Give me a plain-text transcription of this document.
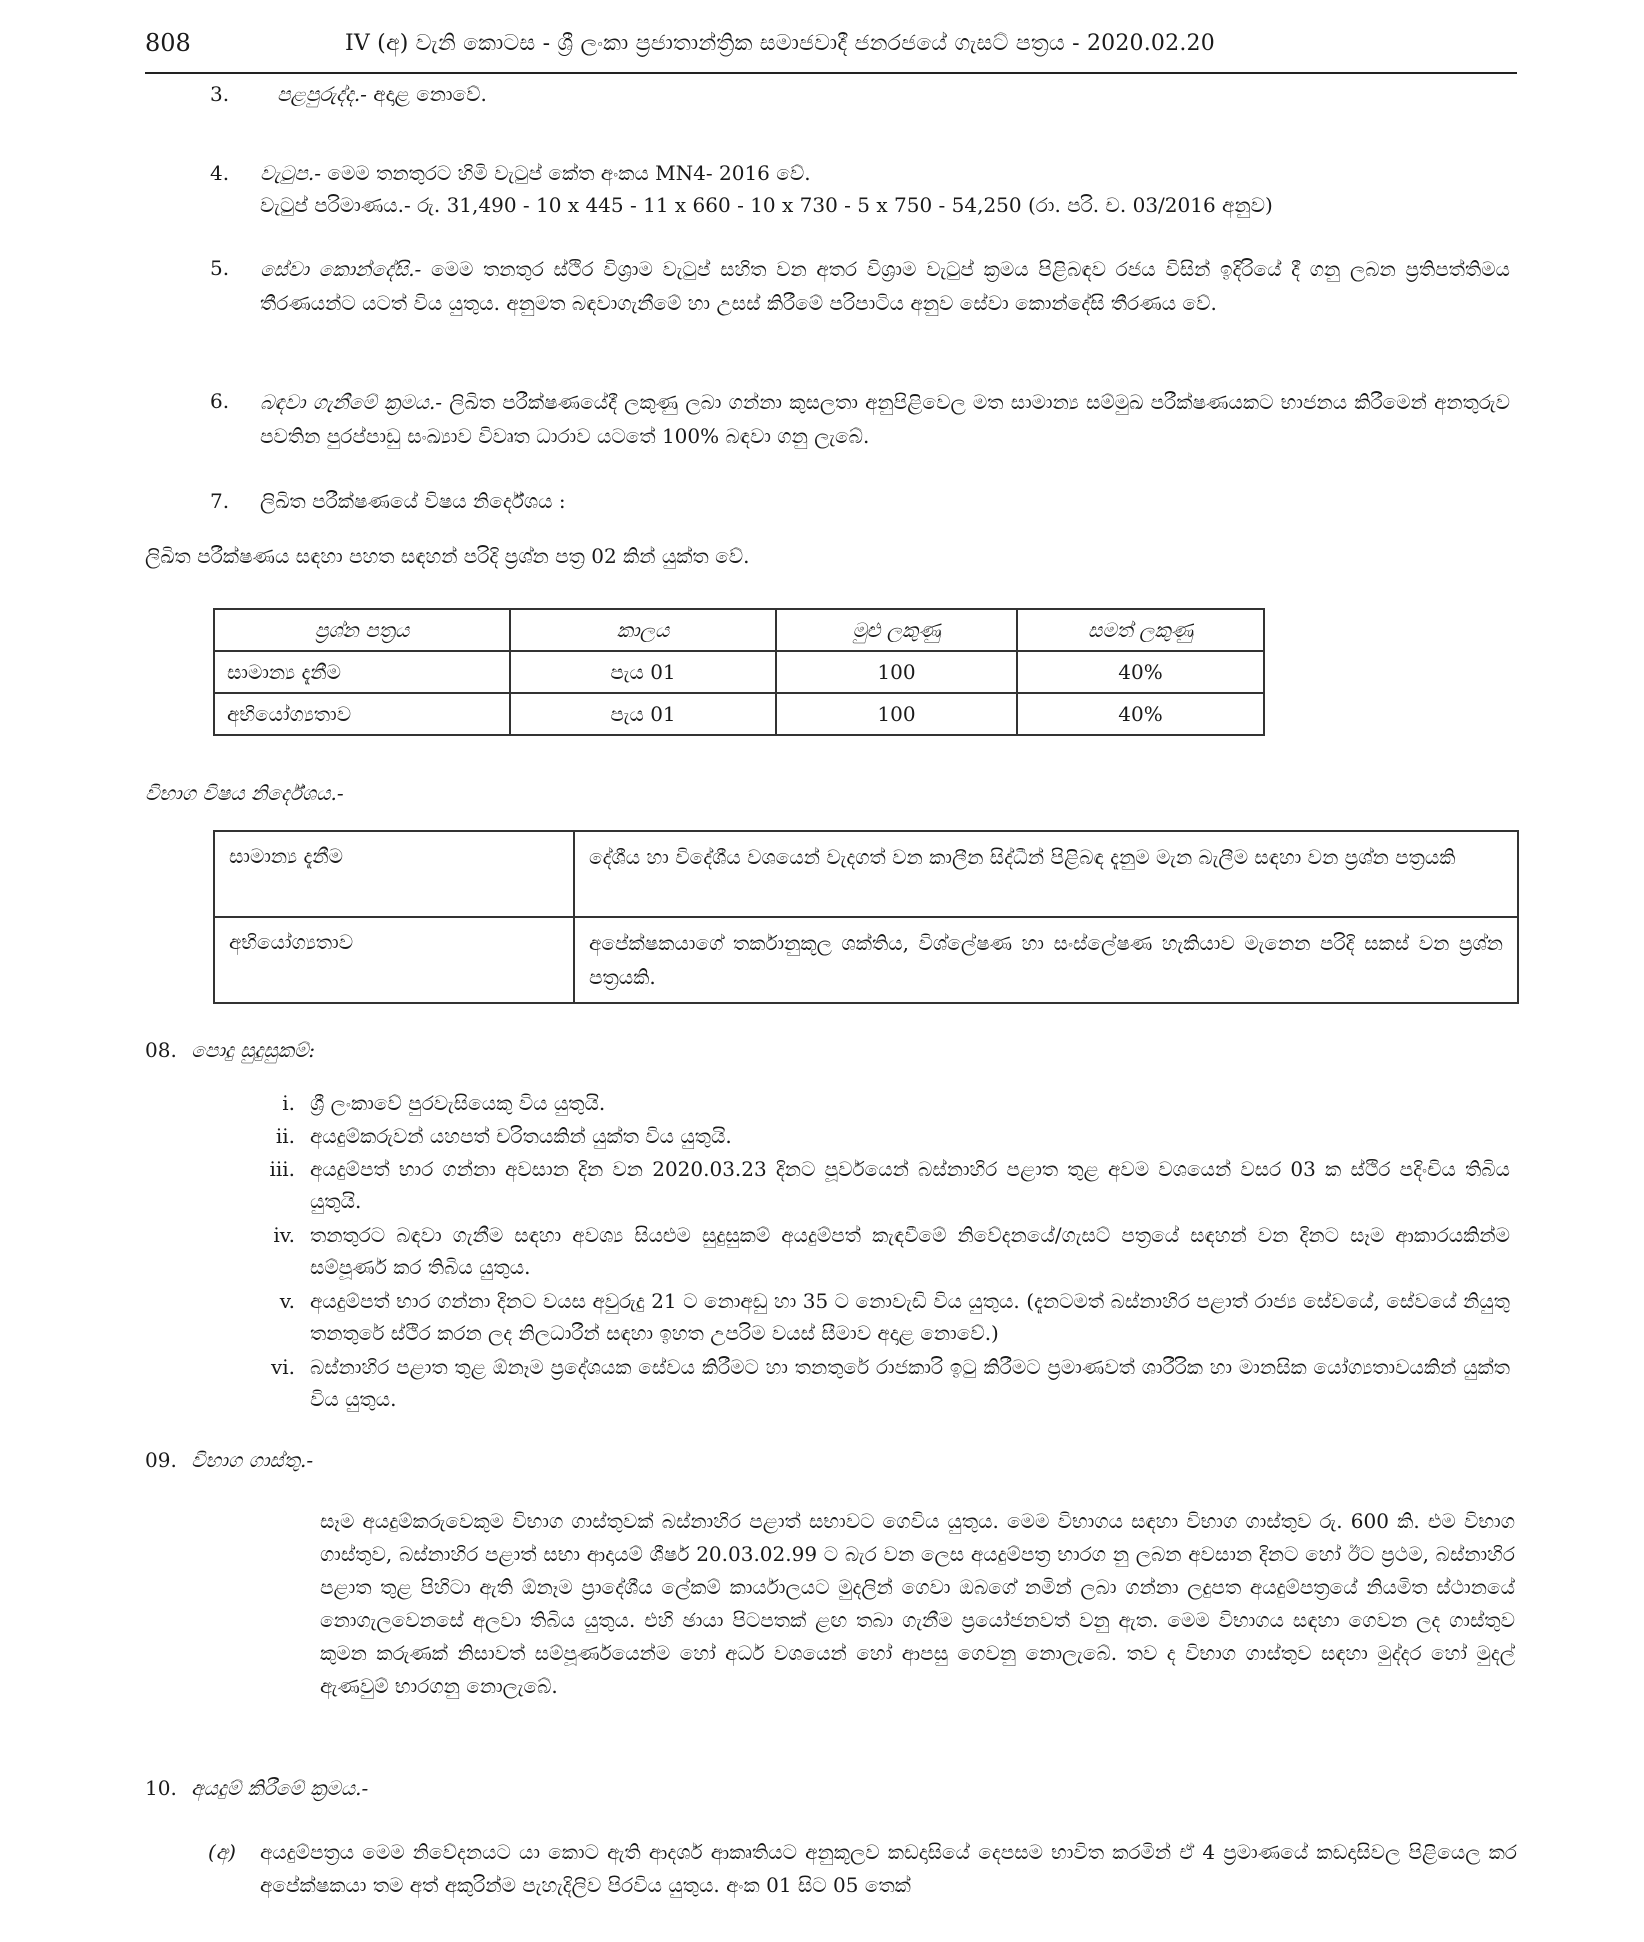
808	IV (අ) වැනි කොටස - ශ්‍රී ලංකා ප්‍රජාතාන්ත්‍රික සමාජවාදී ජනරජයේ ගැසට් පත්‍රය - 2020.02.20
3. පළපුරුද්ද.- අදාළ නොවේ.
4. වැටුප.- මෙම තනතුරට හිමි වැටුප් කේත අංකය MN4- 2016 වේ.
වැටුප් පරිමාණය.- රු. 31,490 - 10 x 445 - 11 x 660 - 10 x 730 - 5 x 750 - 54,250 (රා. පරි. ච. 03/2016 අනුව)
5. සේවා කොන්දේසි.- මෙම තනතුර ස්ථිර විශ්‍රාම වැටුප් සහිත වන අතර විශ්‍රාම වැටුප් ක්‍රමය පිළිබඳව රජය විසින් ඉදිරියේ දී ගනු ලබන ප්‍රතිපත්තිමය තීරණයන්ට යටත් විය යුතුය. අනුමත බඳවාගැනීමේ හා උසස් කිරීමේ පරිපාටිය අනුව සේවා කොන්දේසි තීරණය වේ.
6. බඳවා ගැනීමේ ක්‍රමය.- ලිඛිත පරීක්ෂණයේදී ලකුණු ලබා ගන්නා කුසලතා අනුපිළිවෙල මත සාමාන්‍ය සම්මුඛ පරීක්ෂණයකට භාජනය කිරීමෙන් අනතුරුව පවතින පුරප්පාඩු සංඛ්‍යාව විවෘත ධාරාව යටතේ 100% බඳවා ගනු ලැබේ.
7. ලිඛිත පරීක්ෂණයේ විෂය නිර්දේශය :
ලිඛිත පරීක්ෂණය සඳහා පහත සඳහන් පරිදි ප්‍රශ්න පත්‍ර 02 කින් යුක්ත වේ.
ප්‍රශ්න පත්‍රය	කාලය	මුළු ලකුණු	සමත් ලකුණු
සාමාන්‍ය දැනීම	පැය 01	100	40%
අභියෝග්‍යතාව	පැය 01	100	40%
විභාග විෂය නිර්දේශය.-
සාමාන්‍ය දැනීම	දේශීය හා විදේශීය වශයෙන් වැදගත් වන කාලීන සිද්ධීන් පිළිබඳ දැනුම මැන බැලීම සඳහා වන ප්‍රශ්න පත්‍රයකි
අභියෝග්‍යතාව	අපේක්ෂකයාගේ තර්කානුකූල ශක්තිය, විශ්ලේෂණ හා සංස්ලේෂණ හැකියාව මැනෙන පරිදි සකස් වන ප්‍රශ්න පත්‍රයකි.
08. පොදු සුදුසුකම්:
i. ශ්‍රී ලංකාවේ පුරවැසියෙකු විය යුතුයි.
ii. අයදුම්කරුවන් යහපත් චරිතයකින් යුක්ත විය යුතුයි.
iii. අයදුම්පත් භාර ගන්නා අවසාන දින වන 2020.03.23 දිනට පූර්වයෙන් බස්නාහිර පළාත තුළ අවම වශයෙන් වසර 03 ක ස්ථිර පදිංචිය තිබිය යුතුයි.
iv. තනතුරට බඳවා ගැනීම සඳහා අවශ්‍ය සියළුම සුදුසුකම් අයදුම්පත් කැඳවීමේ නිවේදනයේ/ගැසට් පත්‍රයේ සඳහන් වන දිනට සෑම ආකාරයකින්ම සම්පූර්ණ කර තිබිය යුතුය.
v. අයදුම්පත් භාර ගන්නා දිනට වයස අවුරුදු 21 ට නොඅඩු හා 35 ට නොවැඩි විය යුතුය. (දැනටමත් බස්නාහිර පළාත් රාජ්‍ය සේවයේ, සේවයේ නියුතු තනතුරේ ස්ථිර කරන ලද නිලධාරීන් සඳහා ඉහත උපරිම වයස් සීමාව අදාළ නොවේ.)
vi. බස්නාහිර පළාත තුළ ඕනෑම ප්‍රදේශයක සේවය කිරීමට හා තනතුරේ රාජකාරි ඉටු කිරීමට ප්‍රමාණවත් ශාරීරික හා මානසික යෝග්‍යතාවයකින් යුක්ත විය යුතුය.
09. විභාග ගාස්තු.-
සෑම අයදුම්කරුවෙකුම විභාග ගාස්තුවක් බස්නාහිර පළාත් සභාවට ගෙවිය යුතුය. මෙම විභාගය සඳහා විභාග ගාස්තුව රු. 600 කි. එම විභාග ගාස්තුව, බස්නාහිර පළාත් සභා ආදායම් ශීර්ෂ 20.03.02.99 ට බැර වන ලෙස අයදුම්පත්‍ර භාරග නු ලබන අවසාන දිනට හෝ ඊට ප්‍රථම, බස්නාහිර පළාත තුළ පිහිටා ඇති ඕනෑම ප්‍රාදේශීය ලේකම් කාර්යාලයට මුදලින් ගෙවා ඔබගේ නමින් ලබා ගන්නා ලදුපත අයදුම්පත්‍රයේ නියමිත ස්ථානයේ නොගැලවෙනසේ අලවා තිබිය යුතුය. එහි ඡායා පිටපතක් ළඟ තබා ගැනීම ප්‍රයෝජනවත් වනු ඇත. මෙම විභාගය සඳහා ගෙවන ලද ගාස්තුව කුමන කරුණක් නිසාවත් සම්පූර්ණයෙන්ම හෝ අර්ධ වශයෙන් හෝ ආපසු ගෙවනු නොලැබේ. තව ද විභාග ගාස්තුව සඳහා මුද්දර හෝ මුදල් ඇණවුම් භාරගනු නොලැබේ.
10. අයදුම් කිරීමේ ක්‍රමය.-
(අ) අයදුම්පත්‍රය මෙම නිවේදනයට යා කොට ඇති ආදර්ශ ආකෘතියට අනුකූලව කඩදාසියේ දෙපසම භාවිත කරමින් ඒ 4 ප්‍රමාණයේ කඩදාසිවල පිළියෙල කර අපේක්ෂකයා තම අත් අකුරින්ම පැහැදිලිව පිරවිය යුතුය. අංක 01 සිට 05 තෙක්
